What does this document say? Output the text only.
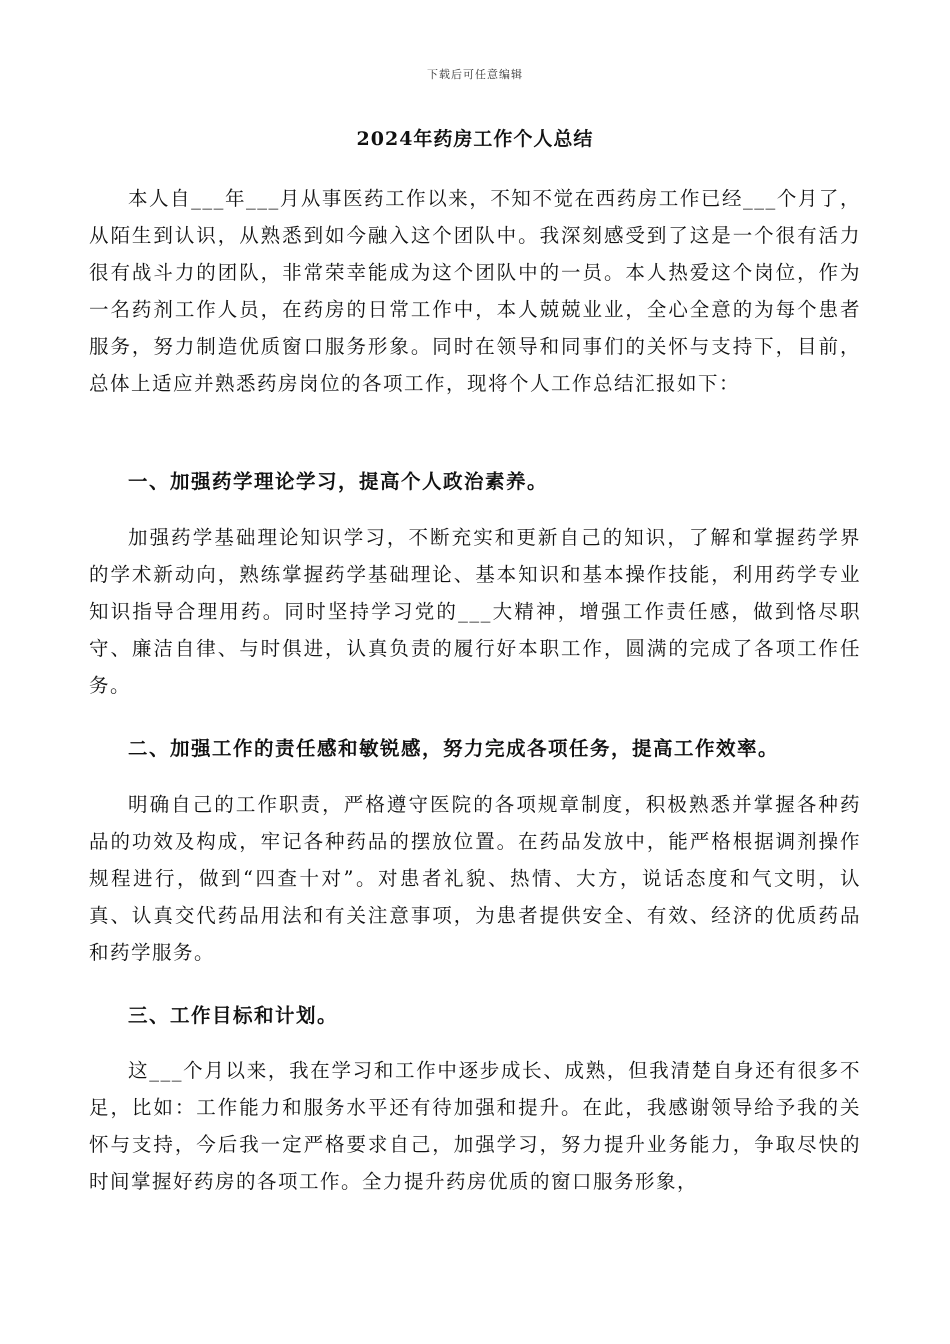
下载后可任意编辑
2024年药房工作个人总结

本人自___年___月从事医药工作以来，不知不觉在西药房工作已经___个月了，从陌生到认识，从熟悉到如今融入这个团队中。我深刻感受到了这是一个很有活力很有战斗力的团队，非常荣幸能成为这个团队中的一员。本人热爱这个岗位，作为一名药剂工作人员，在药房的日常工作中，本人兢兢业业，全心全意的为每个患者服务，努力制造优质窗口服务形象。同时在领导和同事们的关怀与支持下，目前，总体上适应并熟悉药房岗位的各项工作，现将个人工作总结汇报如下：

一、加强药学理论学习，提高个人政治素养。

加强药学基础理论知识学习，不断充实和更新自己的知识，了解和掌握药学界的学术新动向，熟练掌握药学基础理论、基本知识和基本操作技能，利用药学专业知识指导合理用药。同时坚持学习党的___大精神，增强工作责任感，做到恪尽职守、廉洁自律、与时俱进，认真负责的履行好本职工作，圆满的完成了各项工作任务。

二、加强工作的责任感和敏锐感，努力完成各项任务，提高工作效率。

明确自己的工作职责，严格遵守医院的各项规章制度，积极熟悉并掌握各种药品的功效及构成，牢记各种药品的摆放位置。在药品发放中，能严格根据调剂操作规程进行，做到“四查十对”。对患者礼貌、热情、大方，说话态度和气文明，认真、认真交代药品用法和有关注意事项，为患者提供安全、有效、经济的优质药品和药学服务。

三、工作目标和计划。

这___个月以来，我在学习和工作中逐步成长、成熟，但我清楚自身还有很多不足，比如：工作能力和服务水平还有待加强和提升。在此，我感谢领导给予我的关怀与支持，今后我一定严格要求自己，加强学习，努力提升业务能力，争取尽快的时间掌握好药房的各项工作。全力提升药房优质的窗口服务形象，
